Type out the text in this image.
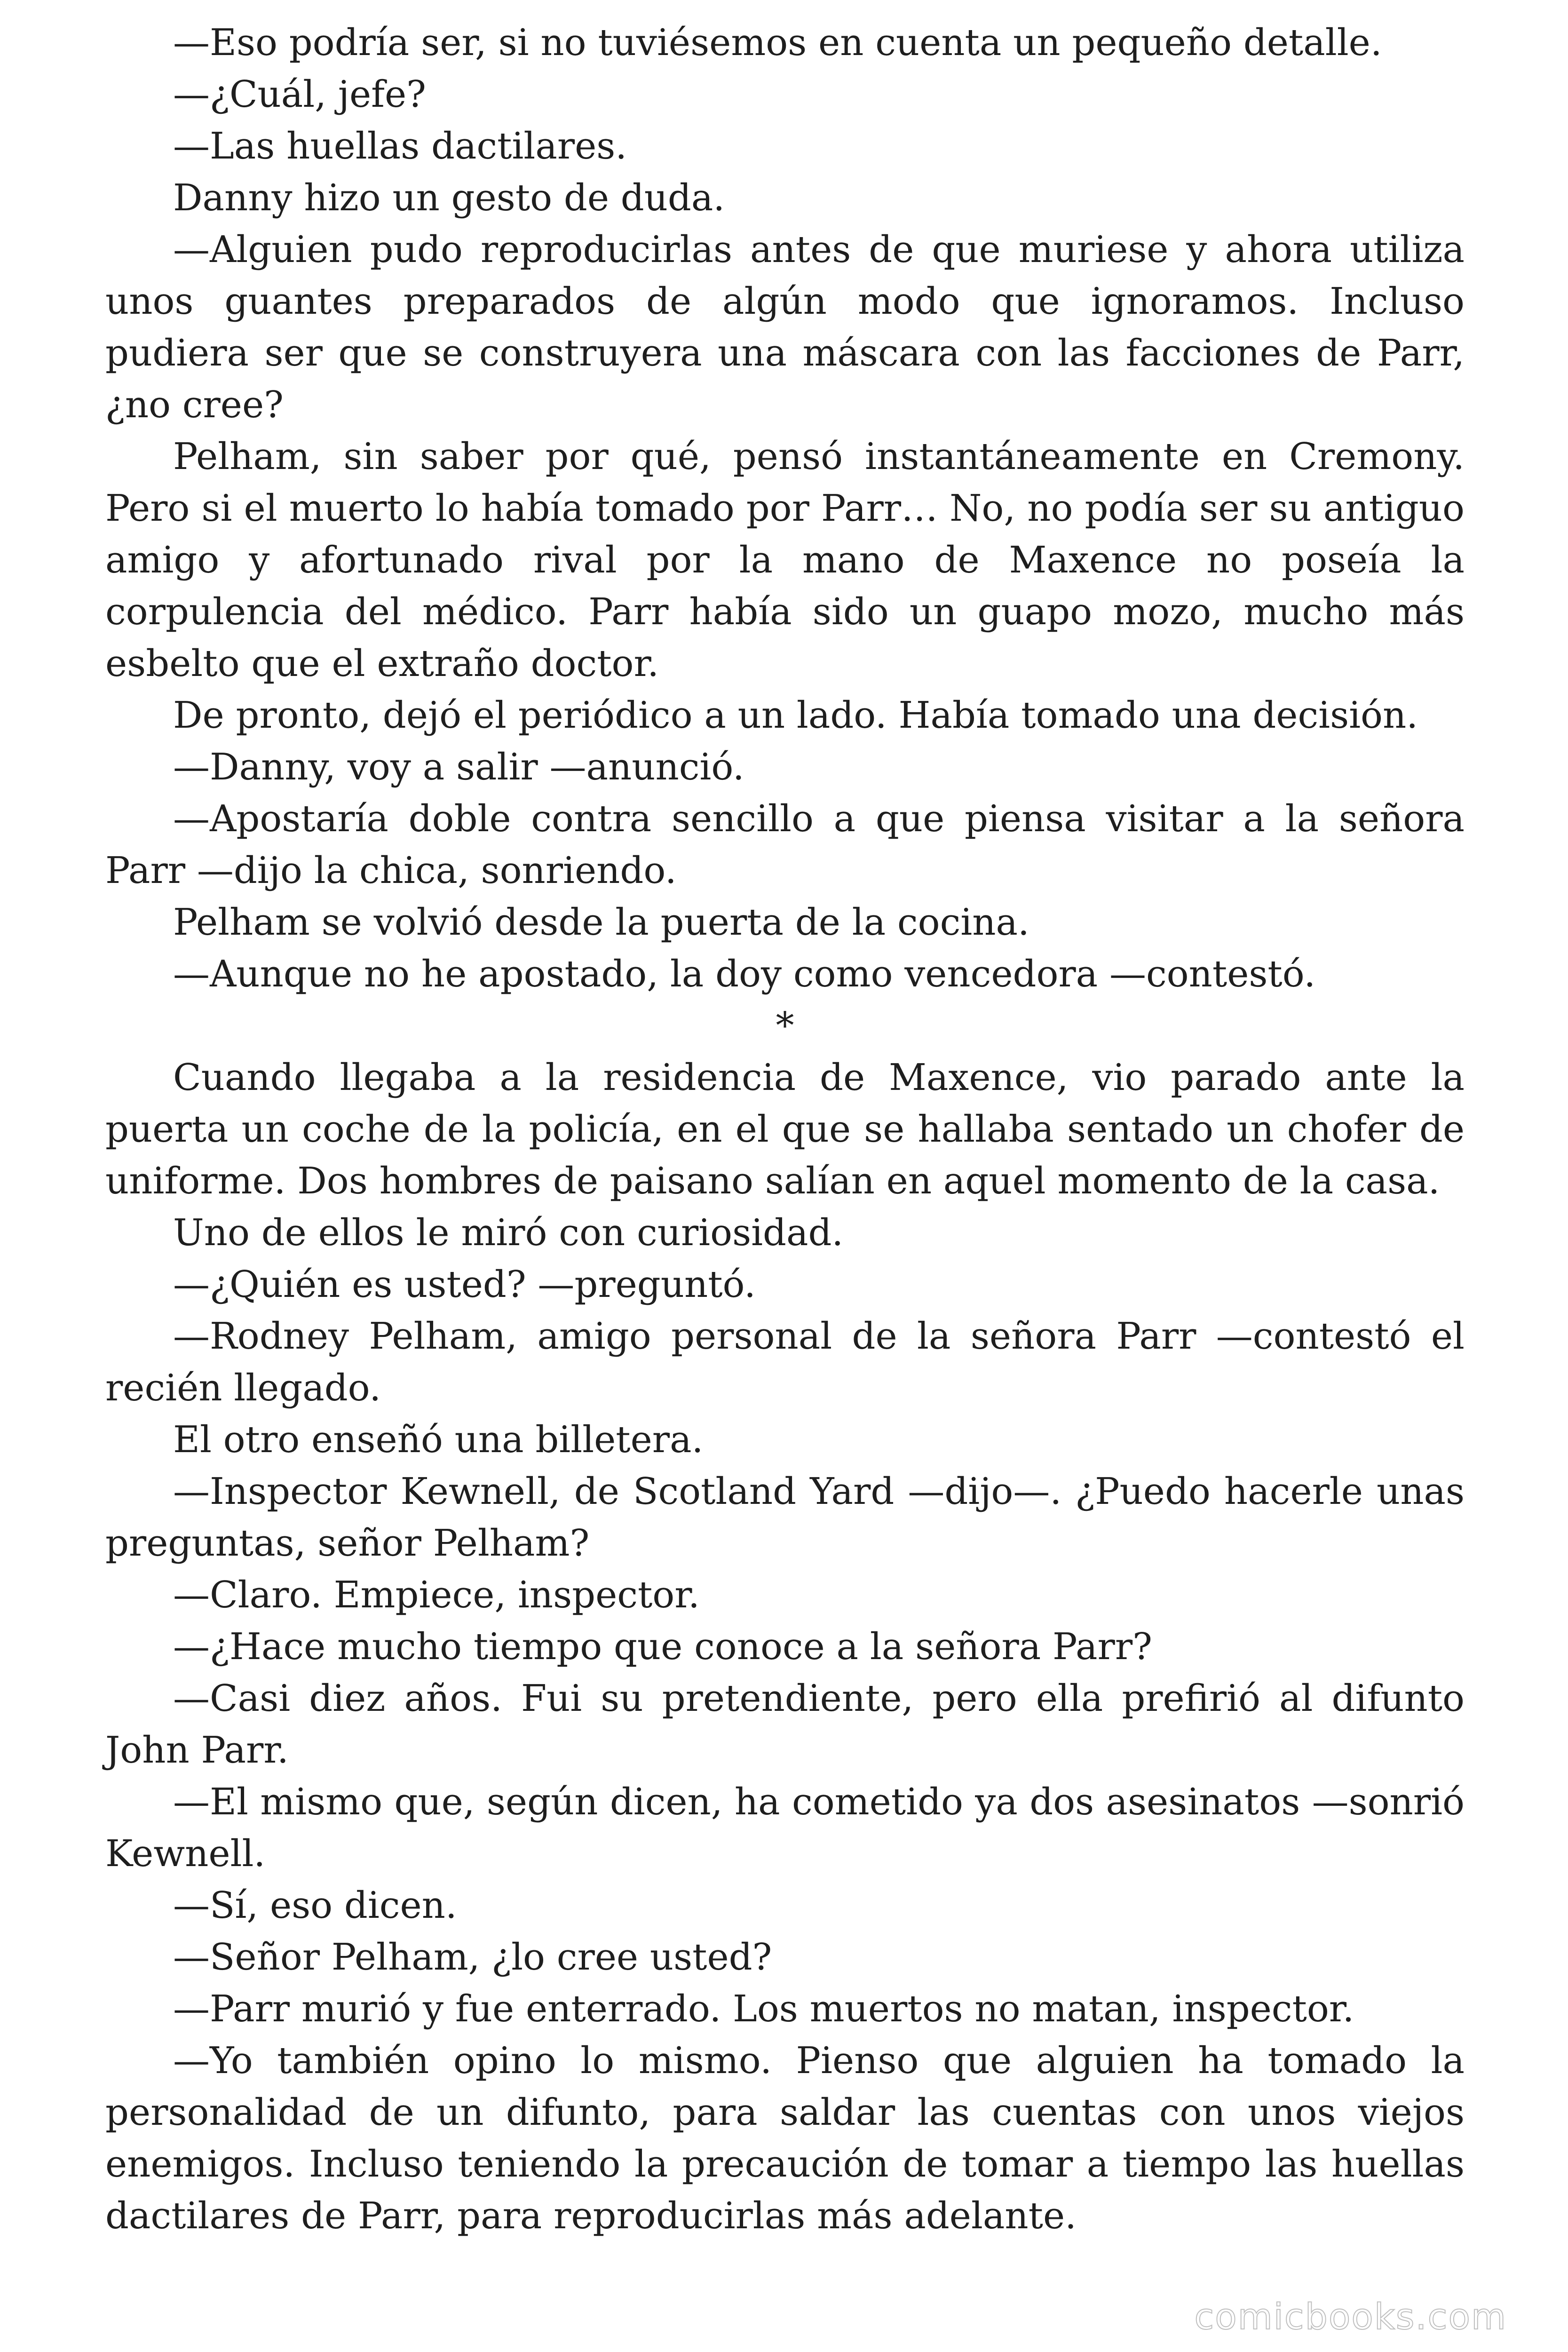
—Eso podría ser, si no tuviésemos en cuenta un pequeño detalle.

—¿Cuál, jefe?

—Las huellas dactilares.

Danny hizo un gesto de duda.

—Alguien pudo reproducirlas antes de que muriese y ahora utiliza unos guantes preparados de algún modo que ignoramos. Incluso pudiera ser que se construyera una máscara con las facciones de Parr, ¿no cree?

Pelham, sin saber por qué, pensó instantáneamente en Cremony. Pero si el muerto lo había tomado por Parr… No, no podía ser su antiguo amigo y afortunado rival por la mano de Maxence no poseía la corpulencia del médico. Parr había sido un guapo mozo, mucho más esbelto que el extraño doctor.

De pronto, dejó el periódico a un lado. Había tomado una decisión.

—Danny, voy a salir —anunció.

—Apostaría doble contra sencillo a que piensa visitar a la señora Parr —dijo la chica, sonriendo.

Pelham se volvió desde la puerta de la cocina.

—Aunque no he apostado, la doy como vencedora —contestó.

*

Cuando llegaba a la residencia de Maxence, vio parado ante la puerta un coche de la policía, en el que se hallaba sentado un chofer de uniforme. Dos hombres de paisano salían en aquel momento de la casa.

Uno de ellos le miró con curiosidad.

—¿Quién es usted? —preguntó.

—Rodney Pelham, amigo personal de la señora Parr —contestó el recién llegado.

El otro enseñó una billetera.

—Inspector Kewnell, de Scotland Yard —dijo—. ¿Puedo hacerle unas preguntas, señor Pelham?

—Claro. Empiece, inspector.

—¿Hace mucho tiempo que conoce a la señora Parr?

—Casi diez años. Fui su pretendiente, pero ella prefirió al difunto John Parr.

—El mismo que, según dicen, ha cometido ya dos asesinatos —sonrió Kewnell.

—Sí, eso dicen.

—Señor Pelham, ¿lo cree usted?

—Parr murió y fue enterrado. Los muertos no matan, inspector.

—Yo también opino lo mismo. Pienso que alguien ha tomado la personalidad de un difunto, para saldar las cuentas con unos viejos enemigos. Incluso teniendo la precaución de tomar a tiempo las huellas dactilares de Parr, para reproducirlas más adelante.

comicbooks.com
